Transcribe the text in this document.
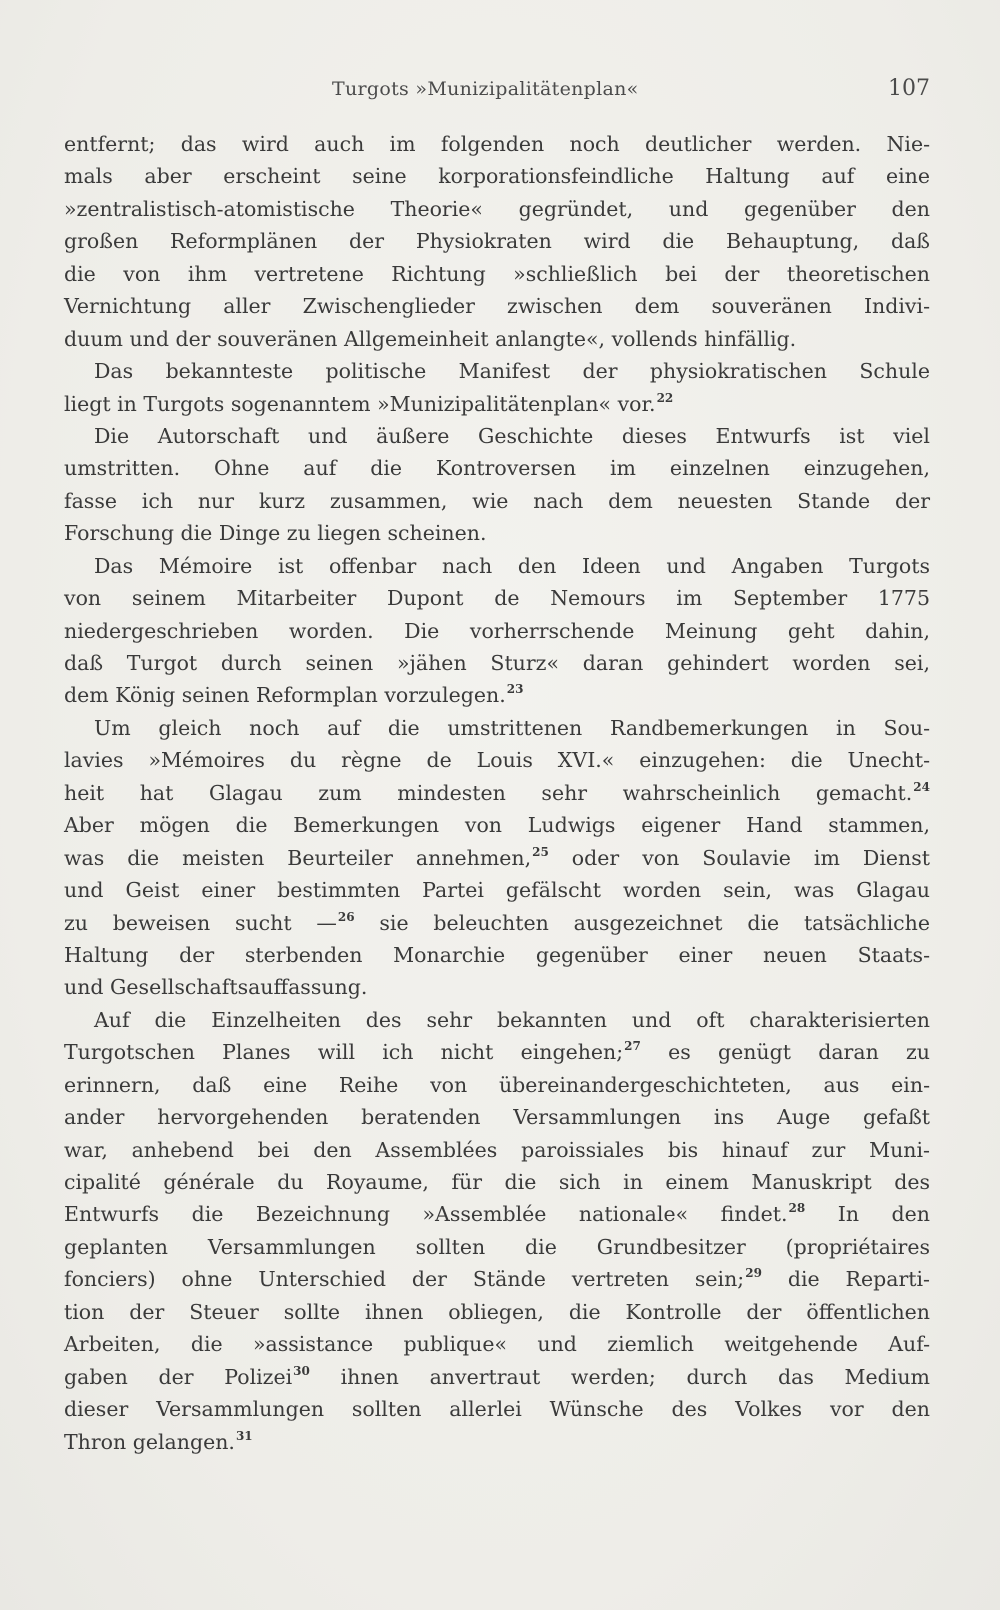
Turgots »Munizipalitätenplan«	107
entfernt; das wird auch im folgenden noch deutlicher werden. Nie-
mals aber erscheint seine korporationsfeindliche Haltung auf eine
»zentralistisch-atomistische Theorie« gegründet, und gegenüber den
großen Reformplänen der Physiokraten wird die Behauptung, daß
die von ihm vertretene Richtung »schließlich bei der theoretischen
Vernichtung aller Zwischenglieder zwischen dem souveränen Indivi-
duum und der souveränen Allgemeinheit anlangte«, vollends hinfällig.
Das bekannteste politische Manifest der physiokratischen Schule
liegt in Turgots sogenanntem »Munizipalitätenplan« vor.$^{22}$
Die Autorschaft und äußere Geschichte dieses Entwurfs ist viel
umstritten. Ohne auf die Kontroversen im einzelnen einzugehen,
fasse ich nur kurz zusammen, wie nach dem neuesten Stande der
Forschung die Dinge zu liegen scheinen.
Das Mémoire ist offenbar nach den Ideen und Angaben Turgots
von seinem Mitarbeiter Dupont de Nemours im September 1775
niedergeschrieben worden. Die vorherrschende Meinung geht dahin,
daß Turgot durch seinen »jähen Sturz« daran gehindert worden sei,
dem König seinen Reformplan vorzulegen.$^{23}$
Um gleich noch auf die umstrittenen Randbemerkungen in Sou-
lavies »Mémoires du règne de Louis XVI.« einzugehen: die Unecht-
heit hat Glagau zum mindesten sehr wahrscheinlich gemacht.$^{24}$
Aber mögen die Bemerkungen von Ludwigs eigener Hand stammen,
was die meisten Beurteiler annehmen,$^{25}$ oder von Soulavie im Dienst
und Geist einer bestimmten Partei gefälscht worden sein, was Glagau
zu beweisen sucht —$^{26}$ sie beleuchten ausgezeichnet die tatsächliche
Haltung der sterbenden Monarchie gegenüber einer neuen Staats-
und Gesellschaftsauffassung.
Auf die Einzelheiten des sehr bekannten und oft charakterisierten
Turgotschen Planes will ich nicht eingehen;$^{27}$ es genügt daran zu
erinnern, daß eine Reihe von übereinandergeschichteten, aus ein-
ander hervorgehenden beratenden Versammlungen ins Auge gefaßt
war, anhebend bei den Assemblées paroissiales bis hinauf zur Muni-
cipalité générale du Royaume, für die sich in einem Manuskript des
Entwurfs die Bezeichnung »Assemblée nationale« findet.$^{28}$ In den
geplanten Versammlungen sollten die Grundbesitzer (propriétaires
fonciers) ohne Unterschied der Stände vertreten sein;$^{29}$ die Reparti-
tion der Steuer sollte ihnen obliegen, die Kontrolle der öffentlichen
Arbeiten, die »assistance publique« und ziemlich weitgehende Auf-
gaben der Polizei$^{30}$ ihnen anvertraut werden; durch das Medium
dieser Versammlungen sollten allerlei Wünsche des Volkes vor den
Thron gelangen.$^{31}$
